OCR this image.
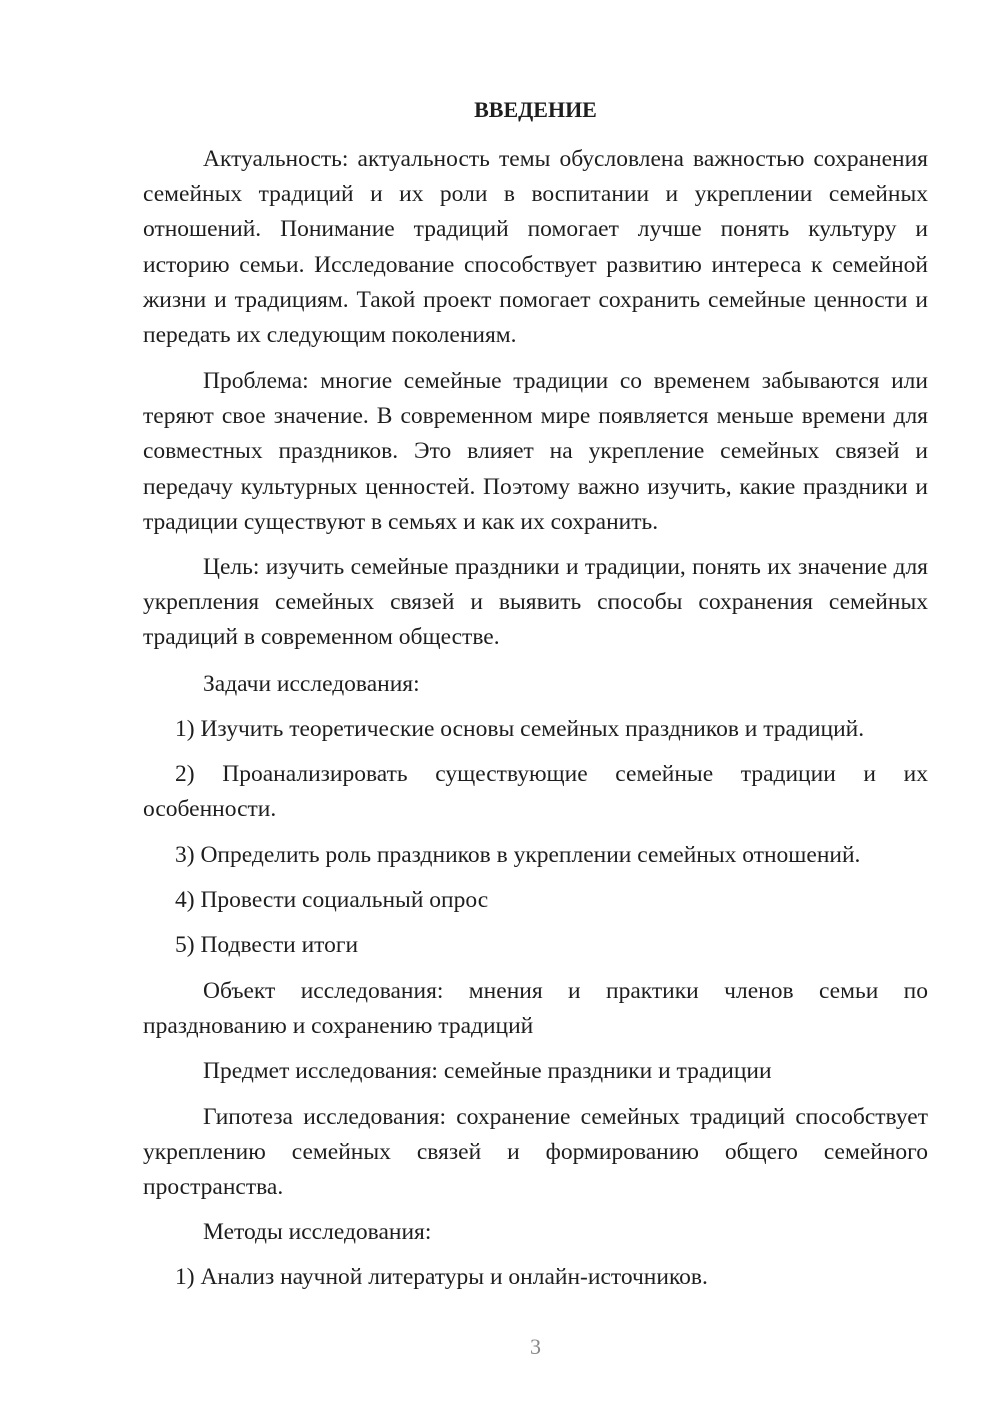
ВВЕДЕНИЕ

Актуальность: актуальность темы обусловлена важностью сохранения семейных традиций и их роли в воспитании и укреплении семейных отношений. Понимание традиций помогает лучше понять культуру и историю семьи. Исследование способствует развитию интереса к семейной жизни и традициям. Такой проект помогает сохранить семейные ценности и передать их следующим поколениям.

Проблема: многие семейные традиции со временем забываются или теряют свое значение. В современном мире появляется меньше времени для совместных праздников. Это влияет на укрепление семейных связей и передачу культурных ценностей. Поэтому важно изучить, какие праздники и традиции существуют в семьях и как их сохранить.

Цель: изучить семейные праздники и традиции, понять их значение для укрепления семейных связей и выявить способы сохранения семейных традиций в современном обществе.

Задачи исследования:

1) Изучить теоретические основы семейных праздников и традиций.

2) Проанализировать существующие семейные традиции и их особенности.

3) Определить роль праздников в укреплении семейных отношений.

4) Провести социальный опрос

5) Подвести итоги

Объект исследования: мнения и практики членов семьи по празднованию и сохранению традиций

Предмет исследования: семейные праздники и традиции

Гипотеза исследования: сохранение семейных традиций способствует укреплению семейных связей и формированию общего семейного пространства.

Методы исследования:

1) Анализ научной литературы и онлайн-источников.

3
